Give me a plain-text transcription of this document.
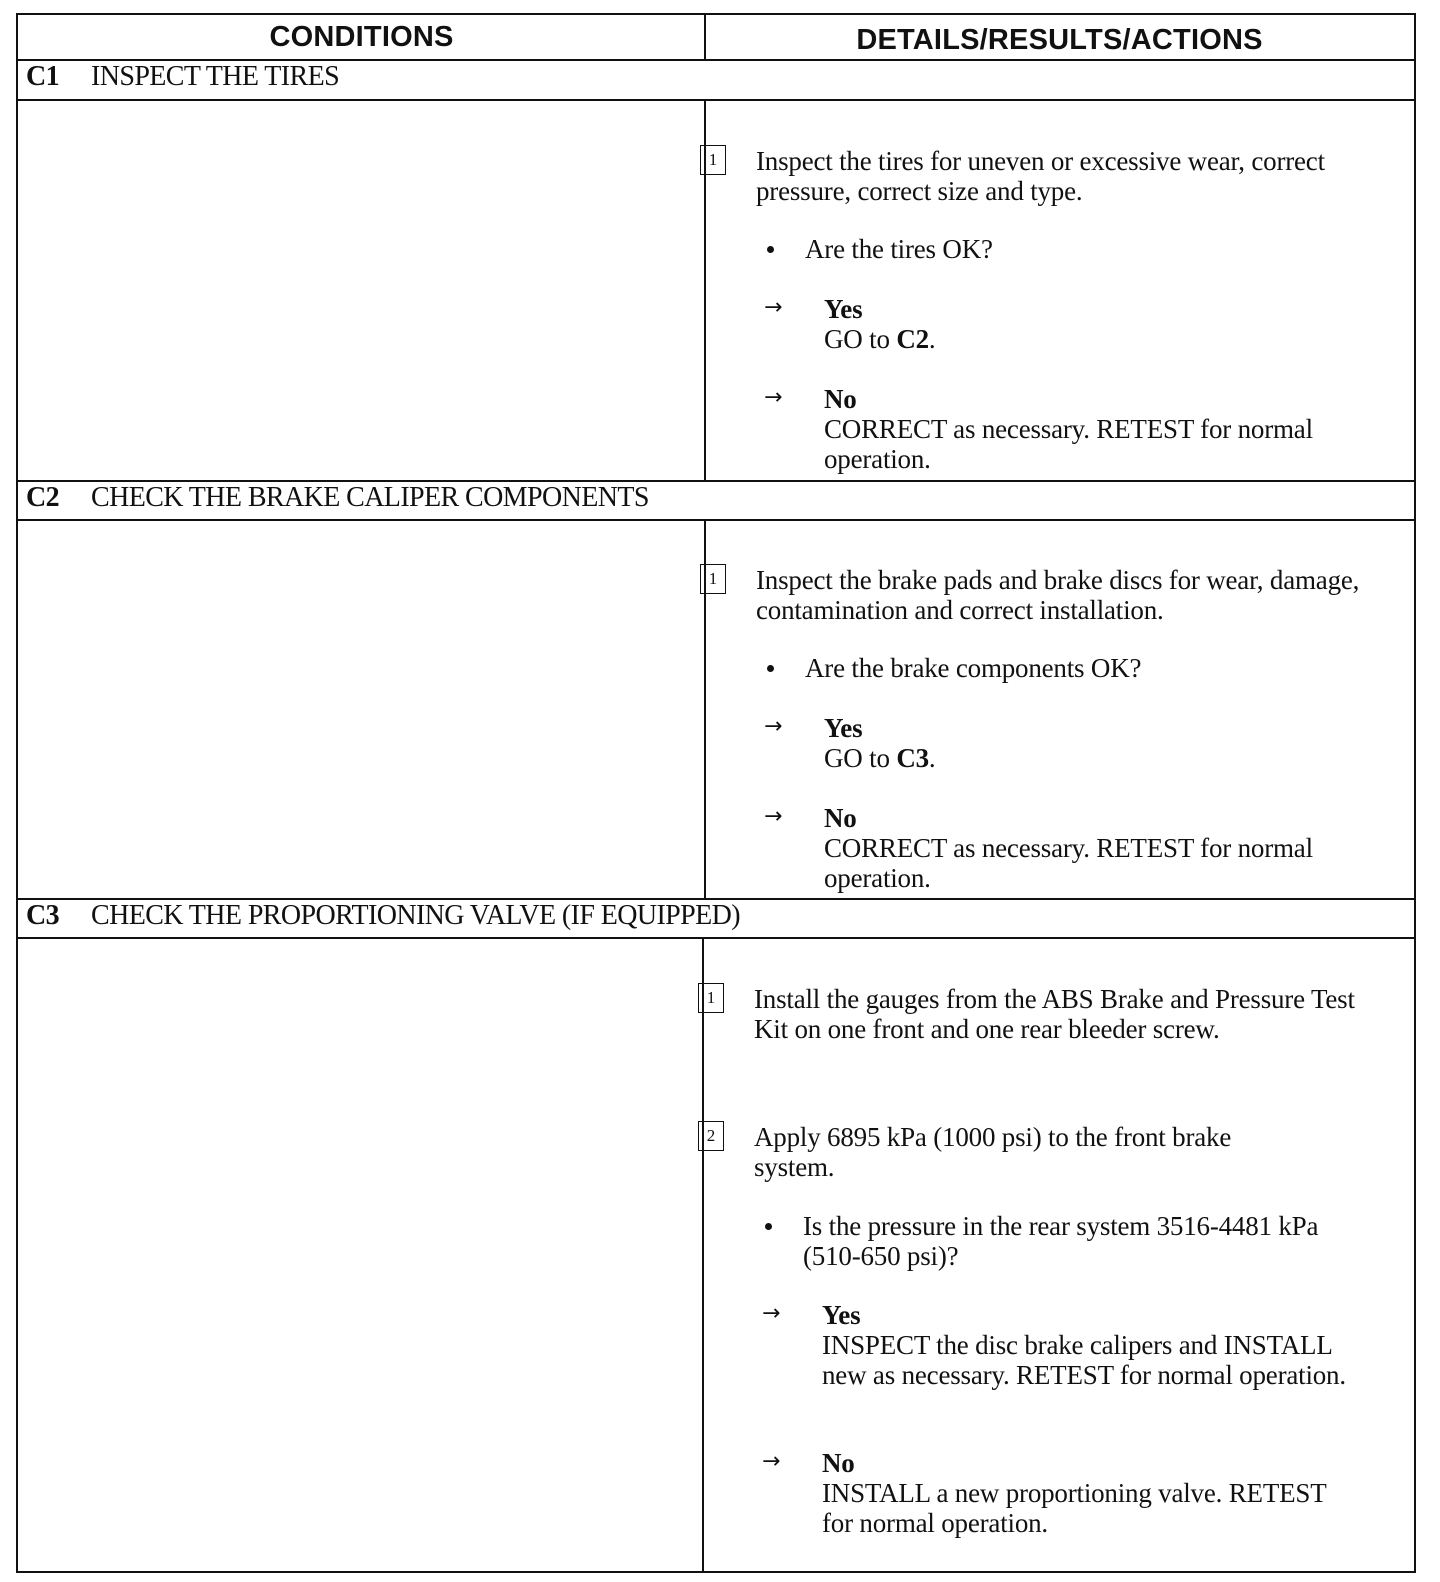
CONDITIONS	DETAILS/RESULTS/ACTIONS
C1 INSPECT THE TIRES
1	Inspect the tires for uneven or excessive wear, correct pressure, correct size and type.
Are the tires OK?
→ Yes
GO to C2.
→ No
CORRECT as necessary. RETEST for normal operation.
C2 CHECK THE BRAKE CALIPER COMPONENTS
1	Inspect the brake pads and brake discs for wear, damage, contamination and correct installation.
Are the brake components OK?
→ Yes
GO to C3.
→ No
CORRECT as necessary. RETEST for normal operation.
C3 CHECK THE PROPORTIONING VALVE (IF EQUIPPED)
1	Install the gauges from the ABS Brake and Pressure Test Kit on one front and one rear bleeder screw.
2	Apply 6895 kPa (1000 psi) to the front brake system.
Is the pressure in the rear system 3516-4481 kPa (510-650 psi)?
→ Yes
INSPECT the disc brake calipers and INSTALL new as necessary. RETEST for normal operation.
→ No
INSTALL a new proportioning valve. RETEST for normal operation.
